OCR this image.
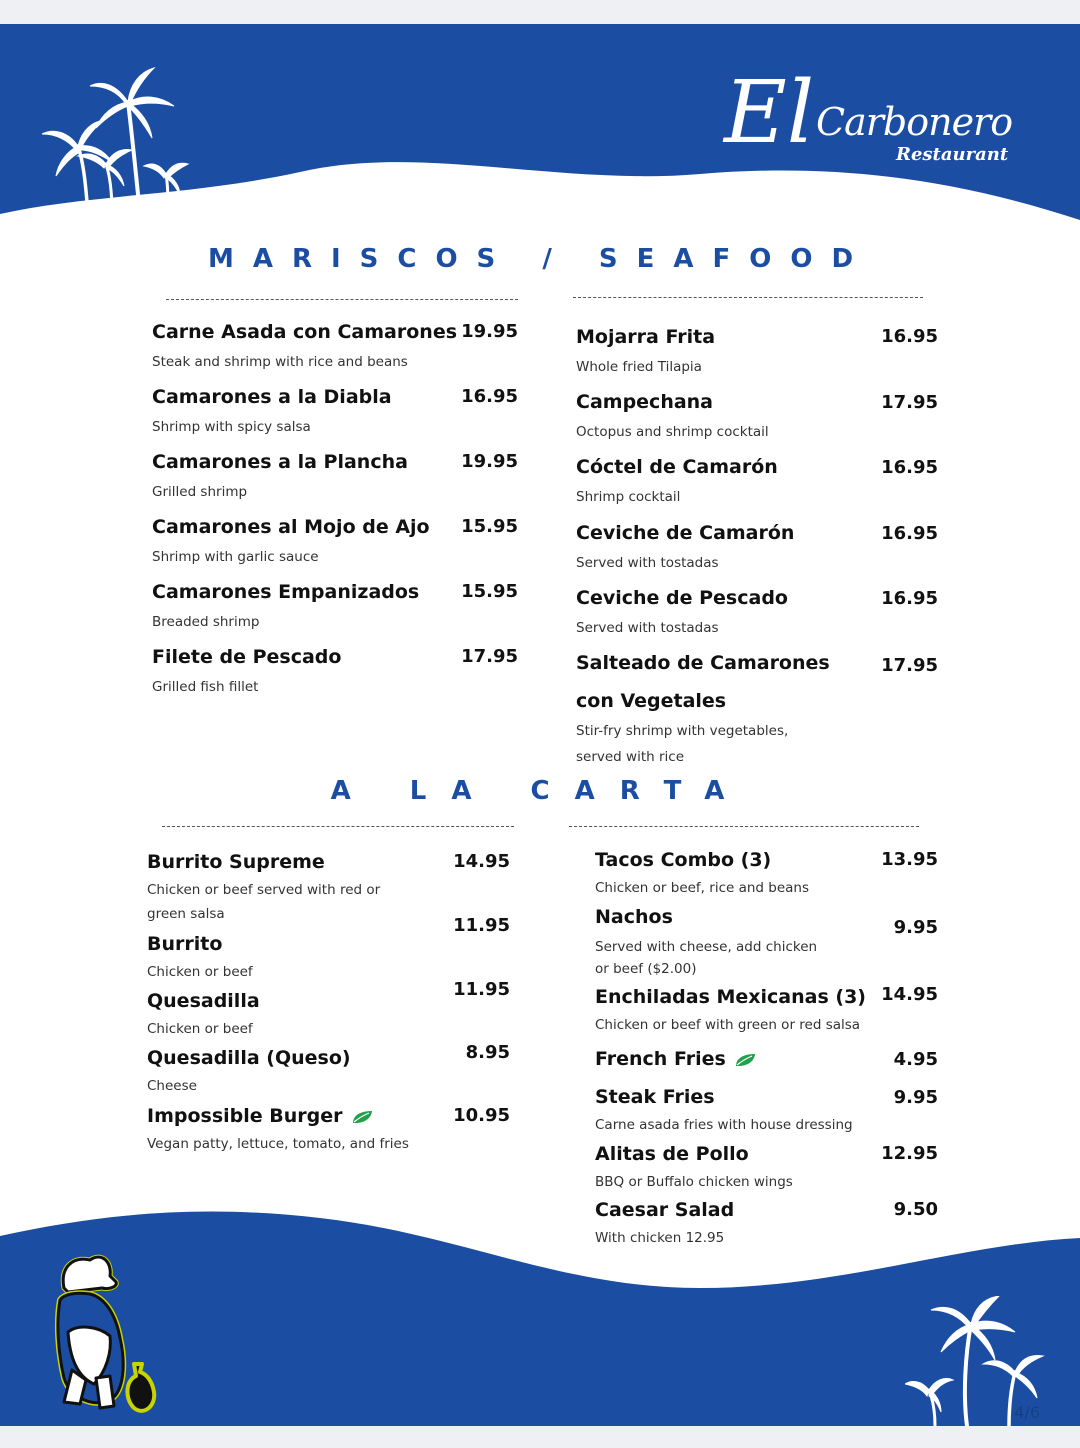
El Carbonero
Restaurant
MARISCOS / SEAFOOD
Carne Asada con Camarones
Steak and shrimp with rice and beans
19.95
Camarones a la Diabla
Shrimp with spicy salsa
16.95
Camarones a la Plancha
Grilled shrimp
19.95
Camarones al Mojo de Ajo
Shrimp with garlic sauce
15.95
Camarones Empanizados
Breaded shrimp
15.95
Filete de Pescado
Grilled fish fillet
17.95
Mojarra Frita
Whole fried Tilapia
16.95
Campechana
Octopus and shrimp cocktail
17.95
Cóctel de Camarón
Shrimp cocktail
16.95
Ceviche de Camarón
Served with tostadas
16.95
Ceviche de Pescado
Served with tostadas
16.95
Salteado de Camarones
con Vegetales
Stir-fry shrimp with vegetables,
served with rice
17.95
A LA CARTA
Burrito Supreme
Chicken or beef served with red or
green salsa
14.95
Burrito
Chicken or beef
11.95
Quesadilla
Chicken or beef
11.95
Quesadilla (Queso)
Cheese
8.95
Impossible Burger
Vegan patty, lettuce, tomato, and fries
10.95
Tacos Combo (3)
Chicken or beef, rice and beans
13.95
Nachos
Served with cheese, add chicken
or beef ($2.00)
9.95
Enchiladas Mexicanas (3)
Chicken or beef with green or red salsa
14.95
French Fries	4.95
Steak Fries
Carne asada fries with house dressing
9.95
Alitas de Pollo
BBQ or Buffalo chicken wings
12.95
Caesar Salad
With chicken 12.95
9.50
4/6
